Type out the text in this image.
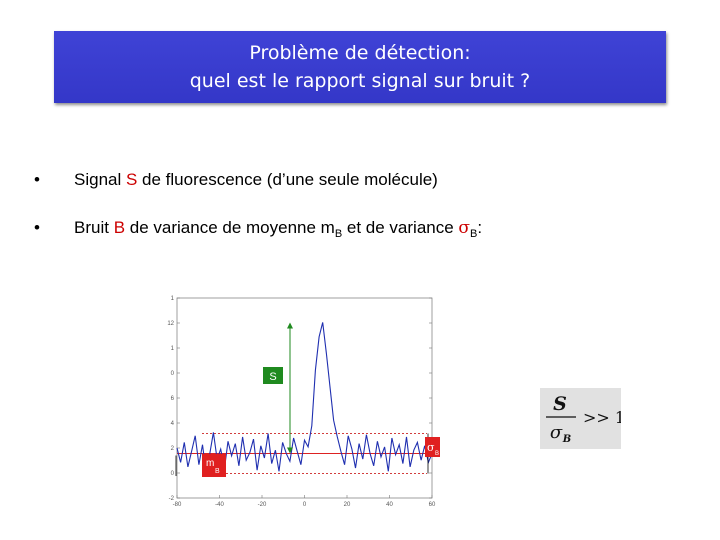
Problème de détection:
quel est le rapport signal sur bruit ?
• Signal S de fluorescence (d’une seule molécule)
• Bruit B de variance de moyenne $m_B$ et de variance $\sigma_B$:
1
12
1
0
6
4
2
0
-2
-80	-40	-20	0	20	40	60
S
m
B
σ B
S
σ B
>> 1
